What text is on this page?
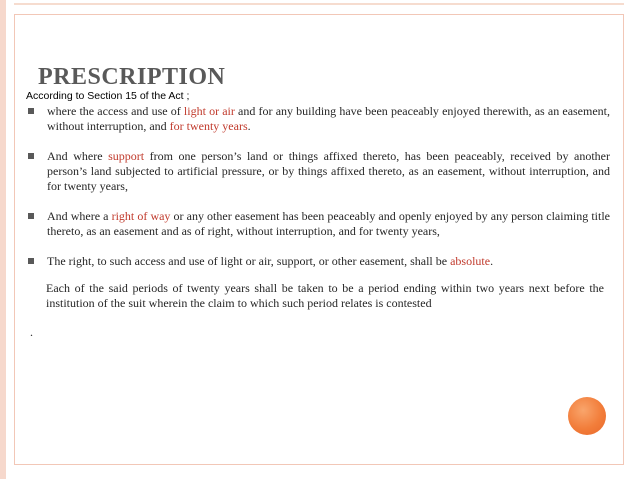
PRESCRIPTION
According to Section 15 of the Act ;
where the access and use of light or air and for any building have been peaceably enjoyed therewith, as an easement, without interruption, and for twenty years.
And where support from one person’s land or things affixed thereto, has been peaceably, received by another person’s land subjected to artificial pressure, or by things affixed thereto, as an easement, without interruption, and for twenty years,
And where a right of way or any other easement has been peaceably and openly enjoyed by any person claiming title thereto, as an easement and as of right, without interruption, and for twenty years,
The right, to such access and use of light or air, support, or other easement, shall be absolute.
Each of the said periods of twenty years shall be taken to be a period ending within two years next before the institution of the suit wherein the claim to which such period relates is contested
.
